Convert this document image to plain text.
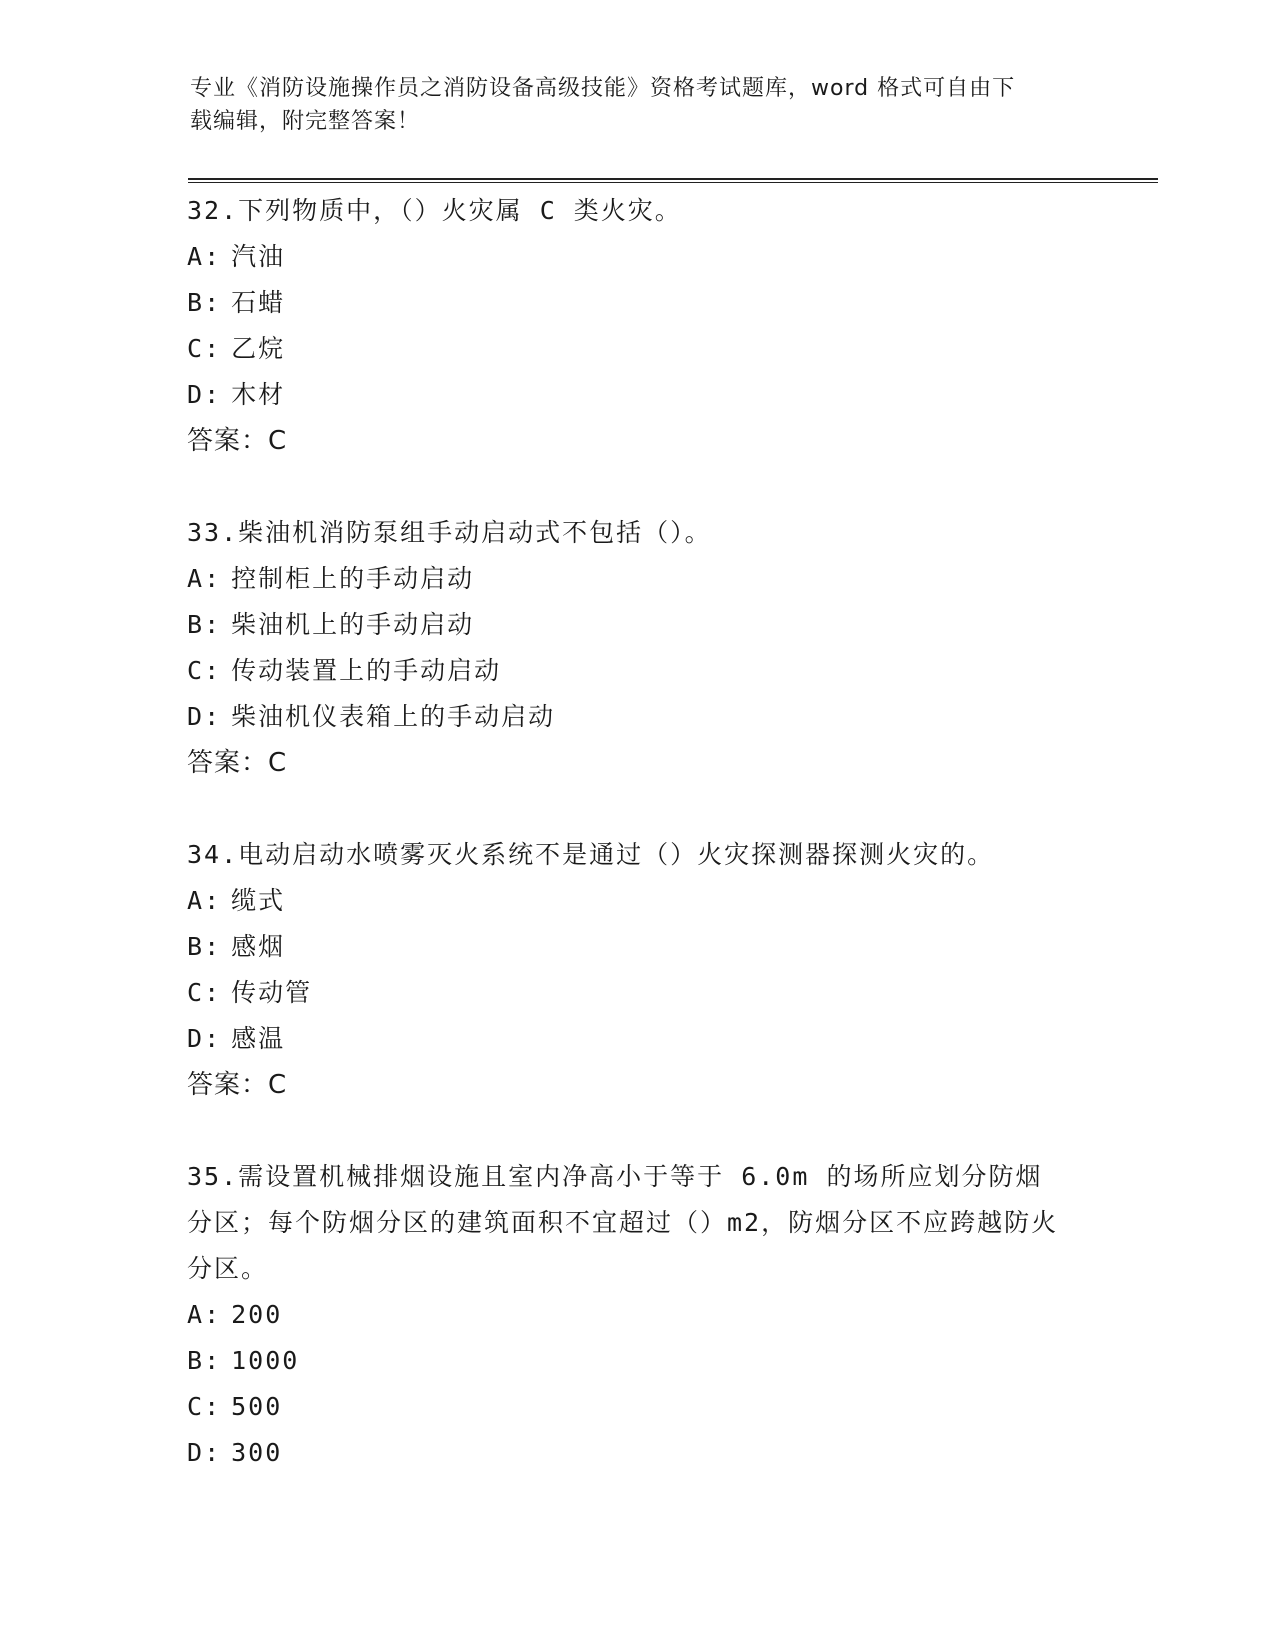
专业《消防设施操作员之消防设备高级技能》资格考试题库，word 格式可自由下
载编辑，附完整答案！
32.下列物质中，（）火灾属 C 类火灾。
A: 汽油
B: 石蜡
C: 乙烷
D: 木材
答案：C
33.柴油机消防泵组手动启动式不包括（）。
A: 控制柜上的手动启动
B: 柴油机上的手动启动
C: 传动装置上的手动启动
D: 柴油机仪表箱上的手动启动
答案：C
34.电动启动水喷雾灭火系统不是通过（）火灾探测器探测火灾的。
A: 缆式
B: 感烟
C: 传动管
D: 感温
答案：C
35.需设置机械排烟设施且室内净高小于等于 6.0m 的场所应划分防烟分区；每个防烟分区的建筑面积不宜超过（）m2，防烟分区不应跨越防火分区。
A: 200
B: 1000
C: 500
D: 300
